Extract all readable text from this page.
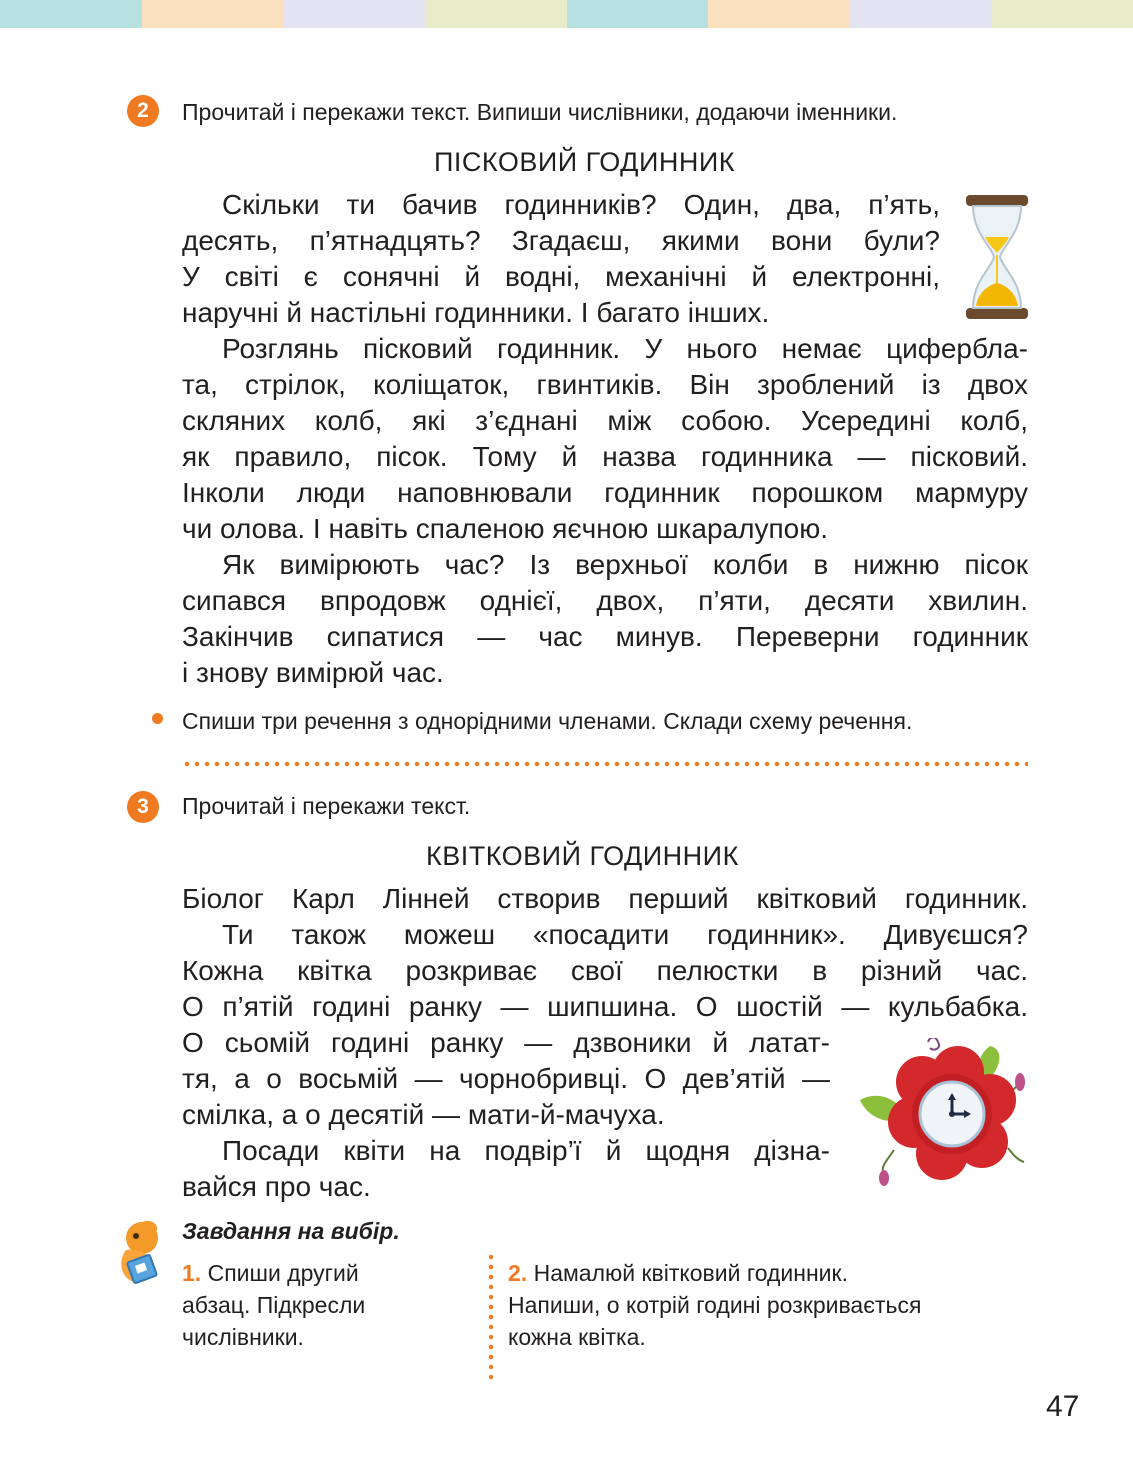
2	Прочитай і перекажи текст. Випиши числівники, додаючи іменники.
ПІСКОВИЙ ГОДИННИК
Скільки ти бачив годинників? Один, два, п’ять,
десять, п’ятнадцять? Згадаєш, якими вони були?
У світі є сонячні й водні, механічні й електронні,
наручні й настільні годинники. І багато інших.
Розглянь пісковий годинник. У нього немає циферблa-
та, стрілок, коліщаток, гвинтиків. Він зроблений із двох
скляних колб, які з’єднані між собою. Усередині колб,
як правило, пісок. Тому й назва годинника — пісковий.
Інколи люди наповнювали годинник порошком мармуру
чи олова. І навіть спаленою яєчною шкаралупою.
Як вимірюють час? Із верхньої колби в нижню пісок
сипався впродовж однієї, двох, п’яти, десяти хвилин.
Закінчив сипатися — час минув. Переверни годинник
і знову вимірюй час.
Спиши три речення з однорідними членами. Склади схему речення.
3	Прочитай і перекажи текст.
КВІТКОВИЙ ГОДИННИК
Біолог Карл Лінней створив перший квітковий годинник.
Ти також можеш «посадити годинник». Дивуєшся?
Кожна квітка розкриває свої пелюстки в різний час.
О п’ятій годині ранку — шипшина. О шостій — кульбабка.
О сьомій годині ранку — дзвоники й латат-
тя, а о восьмій — чорнобривці. О дев’ятій —
смілка, а о десятій — мати-й-мачуха.
Посади квіти на подвір’ї й щодня дізна-
вайся про час.
Завдання на вибір.
1. Спиши другий
абзац. Підкресли
числівники.
2. Намалюй квітковий годинник.
Напиши, о котрій годині розкривається
кожна квітка.
47
